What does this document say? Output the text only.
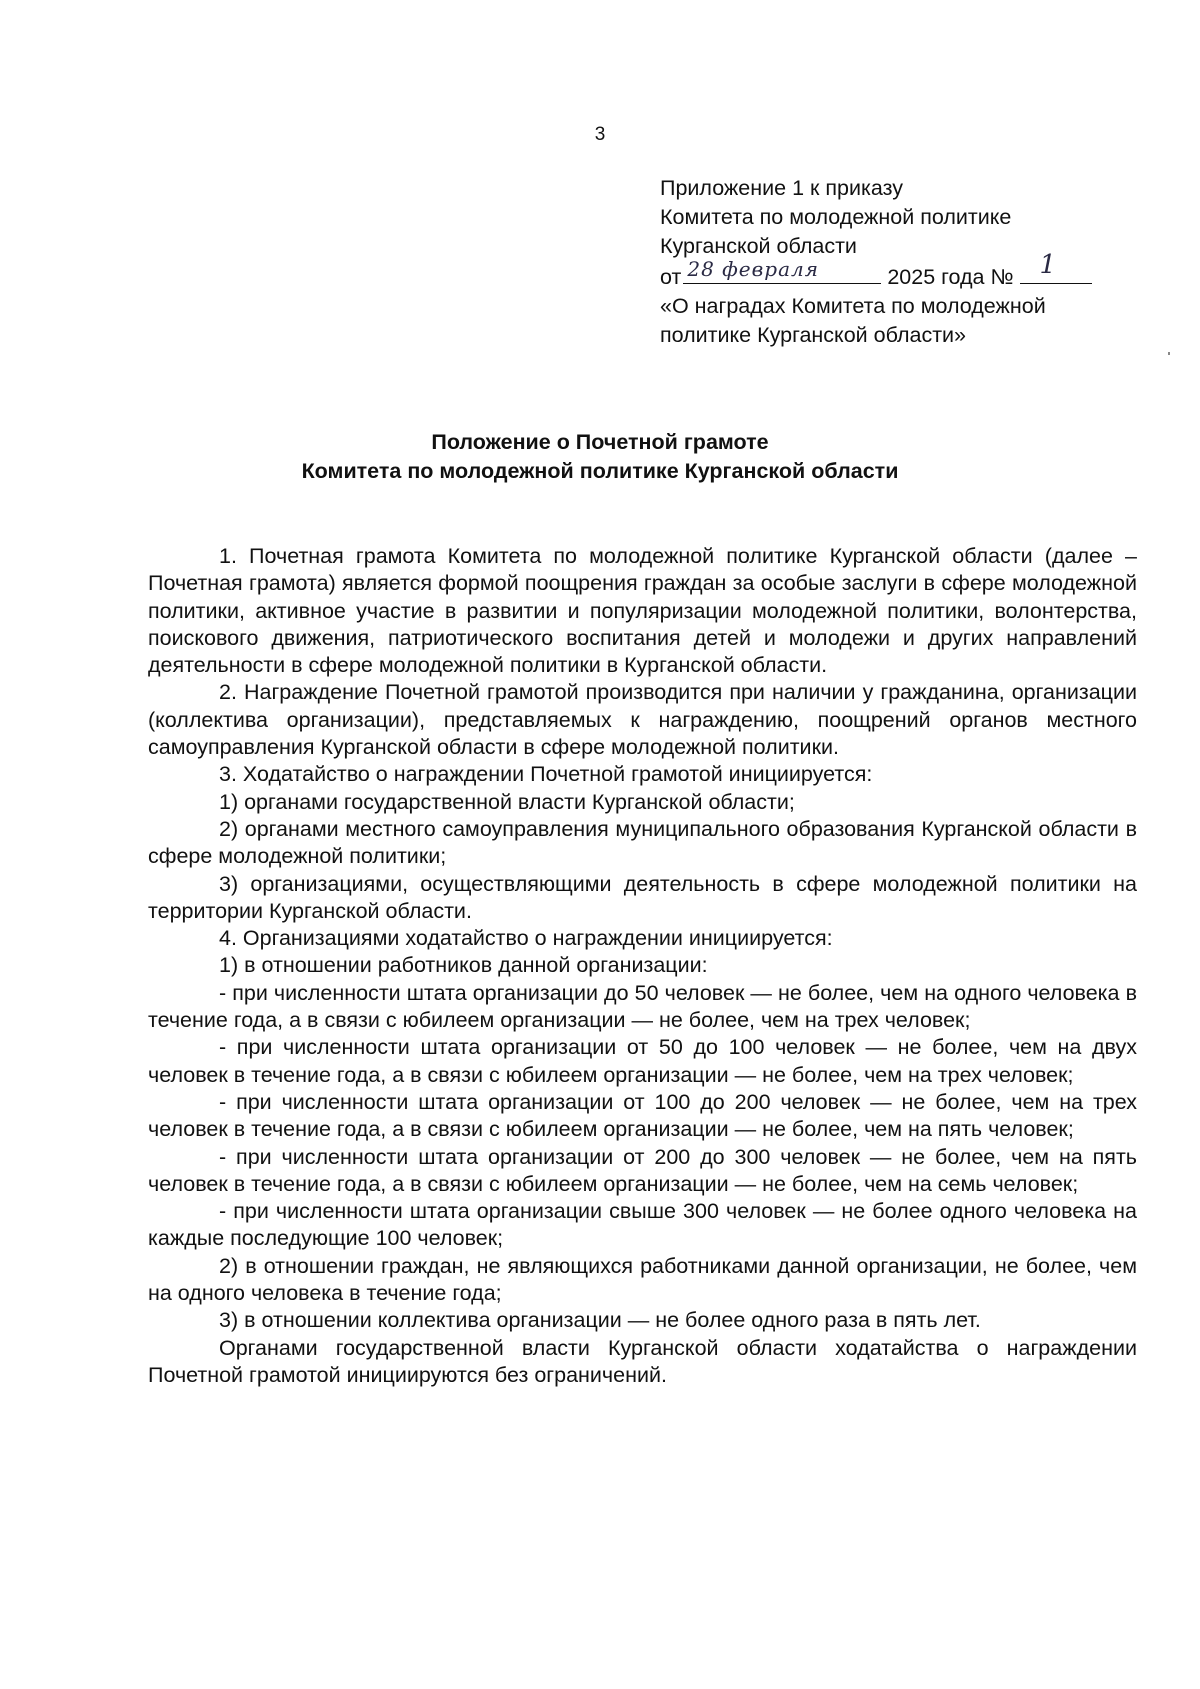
3
Приложение 1 к приказу
Комитета по молодежной политике
Курганской области
от 28 февраля	2025 года № 1
«О наградах Комитета по молодежной
политике Курганской области»
Положение о Почетной грамоте
Комитета по молодежной политике Курганской области

1. Почетная грамота Комитета по молодежной политике Курганской области (далее – Почетная грамота) является формой поощрения граждан за особые заслуги в сфере молодежной политики, активное участие в развитии и популяризации молодежной политики, волонтерства, поискового движения, патриотического воспитания детей и молодежи и других направлений деятельности в сфере молодежной политики в Курганской области.

2. Награждение Почетной грамотой производится при наличии у гражданина, организации (коллектива организации), представляемых к награждению, поощрений органов местного самоуправления Курганской области в сфере молодежной политики.

3. Ходатайство о награждении Почетной грамотой инициируется:

1) органами государственной власти Курганской области;

2) органами местного самоуправления муниципального образования Курганской области в сфере молодежной политики;

3) организациями, осуществляющими деятельность в сфере молодежной политики на территории Курганской области.

4. Организациями ходатайство о награждении инициируется:

1) в отношении работников данной организации:

- при численности штата организации до 50 человек — не более, чем на одного человека в течение года, а в связи с юбилеем организации — не более, чем на трех человек;

- при численности штата организации от 50 до 100 человек — не более, чем на двух человек в течение года, а в связи с юбилеем организации — не более, чем на трех человек;

- при численности штата организации от 100 до 200 человек — не более, чем на трех человек в течение года, а в связи с юбилеем организации — не более, чем на пять человек;

- при численности штата организации от 200 до 300 человек — не более, чем на пять человек в течение года, а в связи с юбилеем организации — не более, чем на семь человек;

- при численности штата организации свыше 300 человек — не более одного человека на каждые последующие 100 человек;

2) в отношении граждан, не являющихся работниками данной организации, не более, чем на одного человека в течение года;

3) в отношении коллектива организации — не более одного раза в пять лет.

Органами государственной власти Курганской области ходатайства о награждении Почетной грамотой инициируются без ограничений.
